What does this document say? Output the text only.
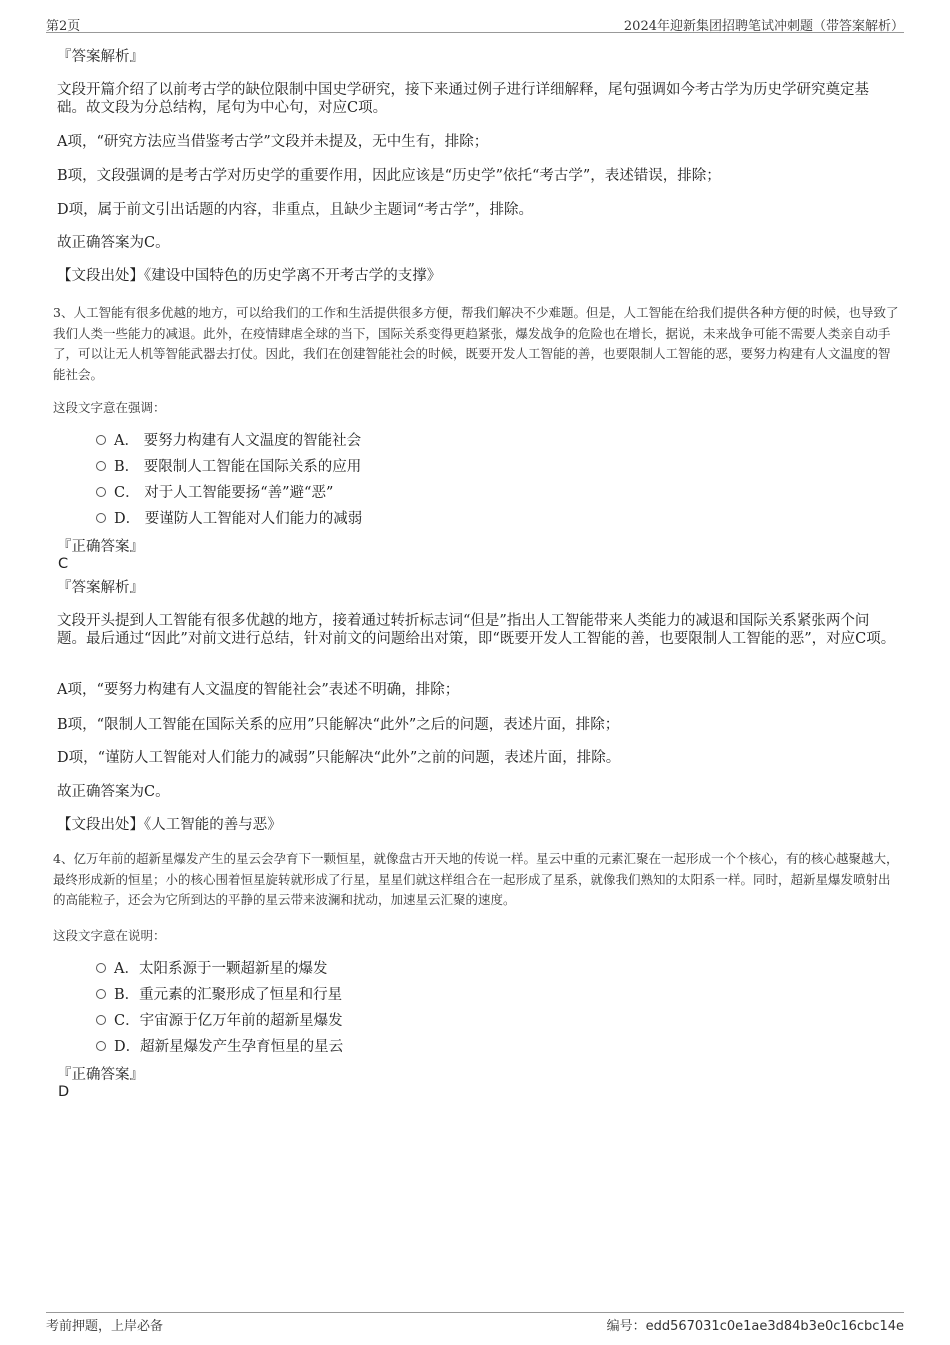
第2页	2024年迎新集团招聘笔试冲刺题（带答案解析）
『答案解析』
文段开篇介绍了以前考古学的缺位限制中国史学研究，接下来通过例子进行详细解释，尾句强调如今考古学为历史学研究奠定基础。故文段为分总结构，尾句为中心句，对应C项。
A项，“研究方法应当借鉴考古学”文段并未提及，无中生有，排除；
B项，文段强调的是考古学对历史学的重要作用，因此应该是“历史学”依托“考古学”，表述错误，排除；
D项，属于前文引出话题的内容，非重点，且缺少主题词“考古学”，排除。
故正确答案为C。
【文段出处】《建设中国特色的历史学离不开考古学的支撑》
3、人工智能有很多优越的地方，可以给我们的工作和生活提供很多方便，帮我们解决不少难题。但是，人工智能在给我们提供各种方便的时候，也导致了我们人类一些能力的减退。此外，在疫情肆虐全球的当下，国际关系变得更趋紧张，爆发战争的危险也在增长，据说，未来战争可能不需要人类亲自动手了，可以让无人机等智能武器去打仗。因此，我们在创建智能社会的时候，既要开发人工智能的善，也要限制人工智能的恶，要努力构建有人文温度的智能社会。
这段文字意在强调：
A． 要努力构建有人文温度的智能社会
B． 要限制人工智能在国际关系的应用
C． 对于人工智能要扬“善”避“恶”
D． 要谨防人工智能对人们能力的减弱
『正确答案』
C
『答案解析』
文段开头提到人工智能有很多优越的地方，接着通过转折标志词“但是”指出人工智能带来人类能力的减退和国际关系紧张两个问题。最后通过“因此”对前文进行总结，针对前文的问题给出对策，即“既要开发人工智能的善，也要限制人工智能的恶”，对应C项。
A项，“要努力构建有人文温度的智能社会”表述不明确，排除；
B项，“限制人工智能在国际关系的应用”只能解决“此外”之后的问题，表述片面，排除；
D项，“谨防人工智能对人们能力的减弱”只能解决“此外”之前的问题，表述片面，排除。
故正确答案为C。
【文段出处】《人工智能的善与恶》
4、亿万年前的超新星爆发产生的星云会孕育下一颗恒星，就像盘古开天地的传说一样。星云中重的元素汇聚在一起形成一个个核心，有的核心越聚越大，最终形成新的恒星；小的核心围着恒星旋转就形成了行星，星星们就这样组合在一起形成了星系，就像我们熟知的太阳系一样。同时，超新星爆发喷射出的高能粒子，还会为它所到达的平静的星云带来波澜和扰动，加速星云汇聚的速度。
这段文字意在说明：
A．太阳系源于一颗超新星的爆发
B．重元素的汇聚形成了恒星和行星
C．宇宙源于亿万年前的超新星爆发
D．超新星爆发产生孕育恒星的星云
『正确答案』
D
考前押题，上岸必备	编号：edd567031c0e1ae3d84b3e0c16cbc14e
